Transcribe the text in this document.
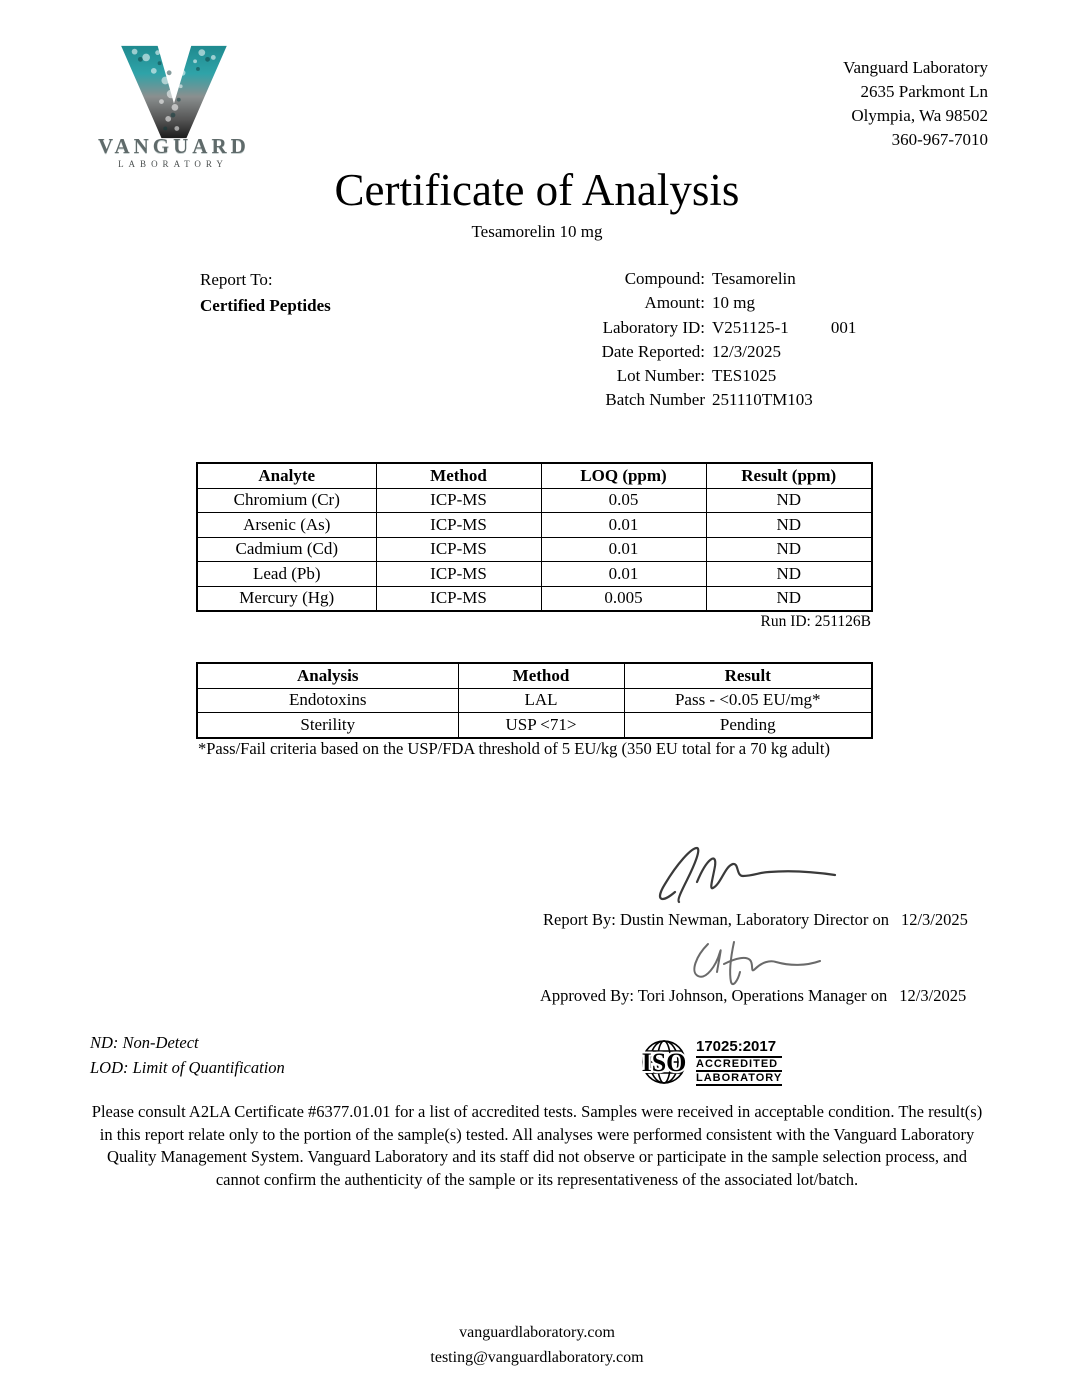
VANGUARD
LABORATORY
Vanguard Laboratory
2635 Parkmont Ln
Olympia, Wa 98502
360-967-7010
Certificate of Analysis
Tesamorelin 10 mg
Report To:
Certified Peptides
Compound: Tesamorelin
Amount: 10 mg
Laboratory ID: V251125-1 001
Date Reported: 12/3/2025
Lot Number: TES1025
Batch Number 251110TM103
Analyte	Method	LOQ (ppm)	Result (ppm)
Chromium (Cr)	ICP-MS	0.05	ND
Arsenic (As)	ICP-MS	0.01	ND
Cadmium (Cd)	ICP-MS	0.01	ND
Lead (Pb)	ICP-MS	0.01	ND
Mercury (Hg)	ICP-MS	0.005	ND
Run ID: 251126B
Analysis	Method	Result
Endotoxins	LAL	Pass - <0.05 EU/mg*
Sterility	USP <71>	Pending
*Pass/Fail criteria based on the USP/FDA threshold of 5 EU/kg (350 EU total for a 70 kg adult)
Report By: Dustin Newman, Laboratory Director on 12/3/2025
Approved By: Tori Johnson, Operations Manager on 12/3/2025
ND: Non-Detect
LOD: Limit of Quantification	ISO
17025:2017
ACCREDITED
LABORATORY
Please consult A2LA Certificate #6377.01.01 for a list of accredited tests. Samples were received in acceptable condition. The result(s) in this report relate only to the portion of the sample(s) tested. All analyses were performed consistent with the Vanguard Laboratory Quality Management System. Vanguard Laboratory and its staff did not observe or participate in the sample selection process, and cannot confirm the authenticity of the sample or its representativeness of the associated lot/batch.
vanguardlaboratory.com
testing@vanguardlaboratory.com
